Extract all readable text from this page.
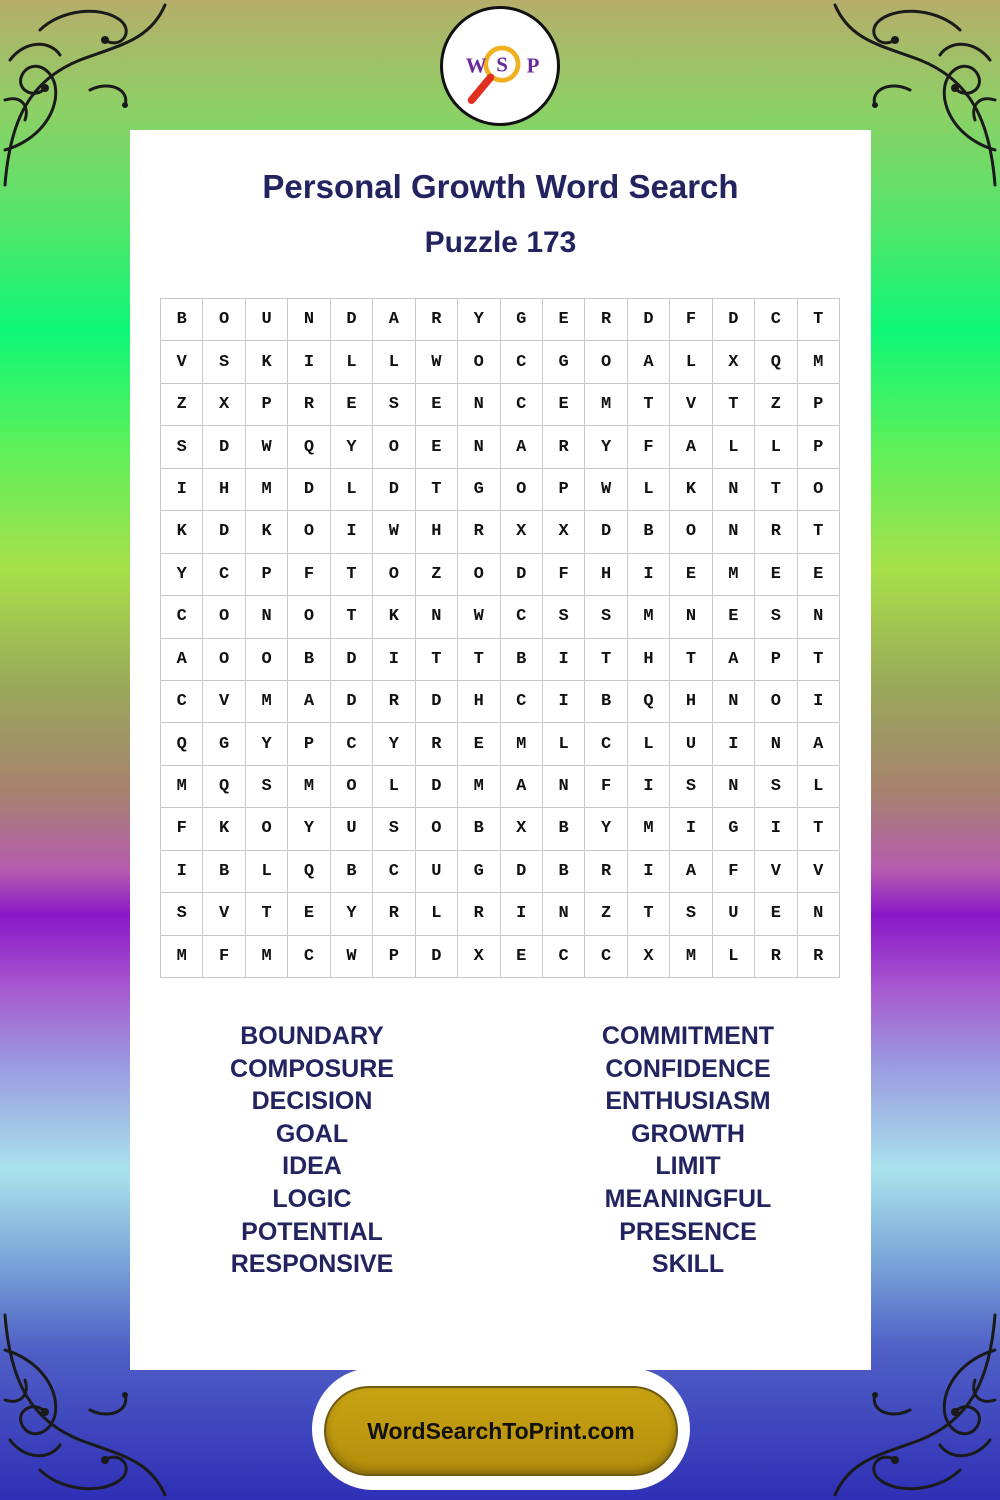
W S P
Personal Growth Word Search
Puzzle 173
B	O	U	N	D	A	R	Y	G	E	R	D	F	D	C	T
V	S	K	I	L	L	W	O	C	G	O	A	L	X	Q	M
Z	X	P	R	E	S	E	N	C	E	M	T	V	T	Z	P
S	D	W	Q	Y	O	E	N	A	R	Y	F	A	L	L	P
I	H	M	D	L	D	T	G	O	P	W	L	K	N	T	O
K	D	K	O	I	W	H	R	X	X	D	B	O	N	R	T
Y	C	P	F	T	O	Z	O	D	F	H	I	E	M	E	E
C	O	N	O	T	K	N	W	C	S	S	M	N	E	S	N
A	O	O	B	D	I	T	T	B	I	T	H	T	A	P	T
C	V	M	A	D	R	D	H	C	I	B	Q	H	N	O	I
Q	G	Y	P	C	Y	R	E	M	L	C	L	U	I	N	A
M	Q	S	M	O	L	D	M	A	N	F	I	S	N	S	L
F	K	O	Y	U	S	O	B	X	B	Y	M	I	G	I	T
I	B	L	Q	B	C	U	G	D	B	R	I	A	F	V	V
S	V	T	E	Y	R	L	R	I	N	Z	T	S	U	E	N
M	F	M	C	W	P	D	X	E	C	C	X	M	L	R	R
BOUNDARY
COMPOSURE
DECISION
GOAL
IDEA
LOGIC
POTENTIAL
RESPONSIVE
COMMITMENT
CONFIDENCE
ENTHUSIASM
GROWTH
LIMIT
MEANINGFUL
PRESENCE
SKILL
WordSearchToPrint.com
